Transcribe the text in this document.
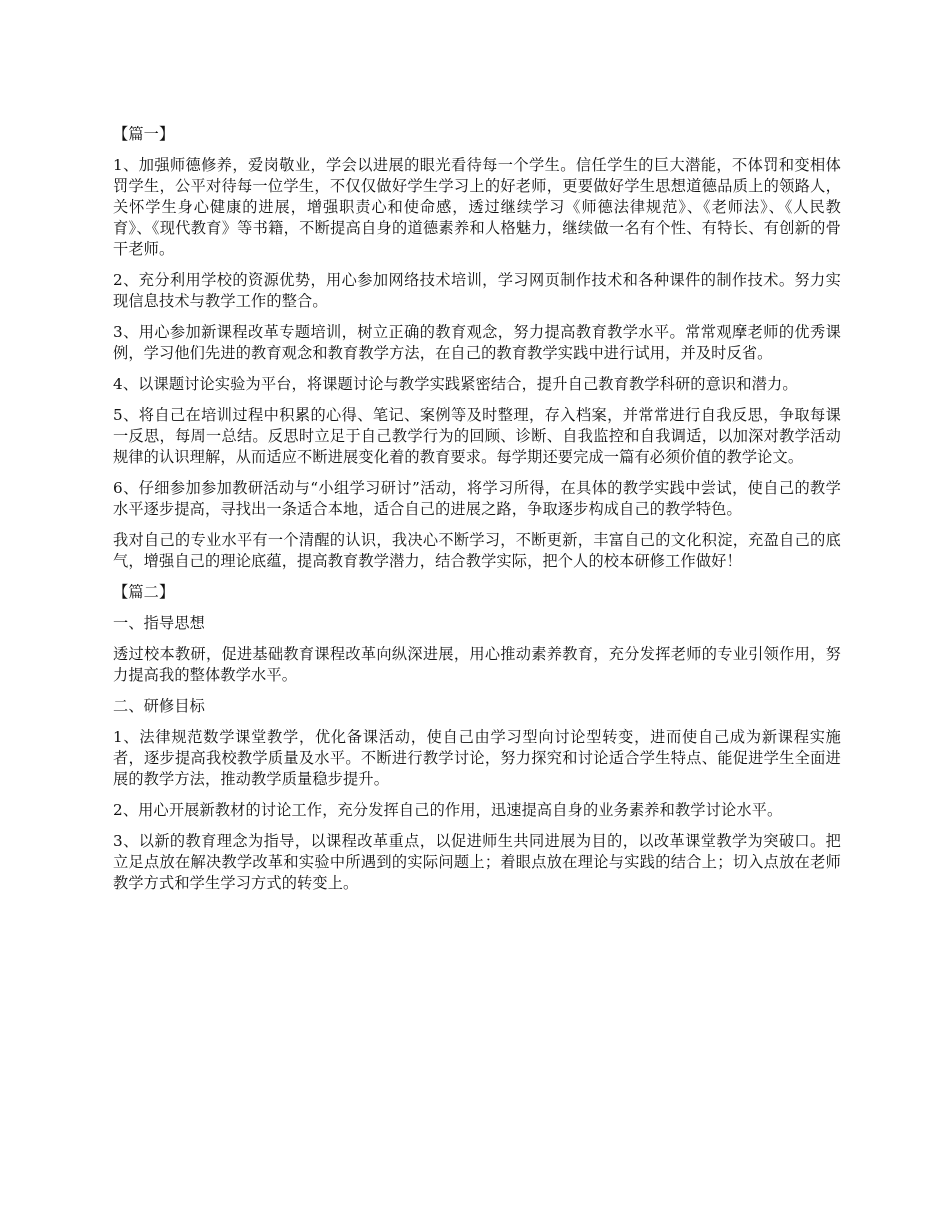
【篇一】

1、加强师德修养，爱岗敬业，学会以进展的眼光看待每一个学生。信任学生的巨大潜能，不体罚和变相体罚学生，公平对待每一位学生，不仅仅做好学生学习上的好老师，更要做好学生思想道德品质上的领路人，关怀学生身心健康的进展，增强职责心和使命感，透过继续学习《师德法律规范》、《老师法》、《人民教育》、《现代教育》等书籍，不断提高自身的道德素养和人格魅力，继续做一名有个性、有特长、有创新的骨干老师。

2、充分利用学校的资源优势，用心参加网络技术培训，学习网页制作技术和各种课件的制作技术。努力实现信息技术与教学工作的整合。

3、用心参加新课程改革专题培训，树立正确的教育观念，努力提高教育教学水平。常常观摩老师的优秀课例，学习他们先进的教育观念和教育教学方法，在自己的教育教学实践中进行试用，并及时反省。

4、以课题讨论实验为平台，将课题讨论与教学实践紧密结合，提升自己教育教学科研的意识和潜力。

5、将自己在培训过程中积累的心得、笔记、案例等及时整理，存入档案，并常常进行自我反思，争取每课一反思，每周一总结。反思时立足于自己教学行为的回顾、诊断、自我监控和自我调适，以加深对教学活动规律的认识理解，从而适应不断进展变化着的教育要求。每学期还要完成一篇有必须价值的教学论文。

6、仔细参加参加教研活动与“小组学习研讨”活动，将学习所得，在具体的教学实践中尝试，使自己的教学水平逐步提高，寻找出一条适合本地，适合自己的进展之路，争取逐步构成自己的教学特色。

我对自己的专业水平有一个清醒的认识，我决心不断学习，不断更新，丰富自己的文化积淀，充盈自己的底气，增强自己的理论底蕴，提高教育教学潜力，结合教学实际，把个人的校本研修工作做好！

【篇二】

一、指导思想

透过校本教研，促进基础教育课程改革向纵深进展，用心推动素养教育，充分发挥老师的专业引领作用，努力提高我的整体教学水平。

二、研修目标

1、法律规范数学课堂教学，优化备课活动，使自己由学习型向讨论型转变，进而使自己成为新课程实施者，逐步提高我校教学质量及水平。不断进行教学讨论，努力探究和讨论适合学生特点、能促进学生全面进展的教学方法，推动教学质量稳步提升。

2、用心开展新教材的讨论工作，充分发挥自己的作用，迅速提高自身的业务素养和教学讨论水平。

3、以新的教育理念为指导，以课程改革重点，以促进师生共同进展为目的，以改革课堂教学为突破口。把立足点放在解决教学改革和实验中所遇到的实际问题上；着眼点放在理论与实践的结合上；切入点放在老师教学方式和学生学习方式的转变上。
